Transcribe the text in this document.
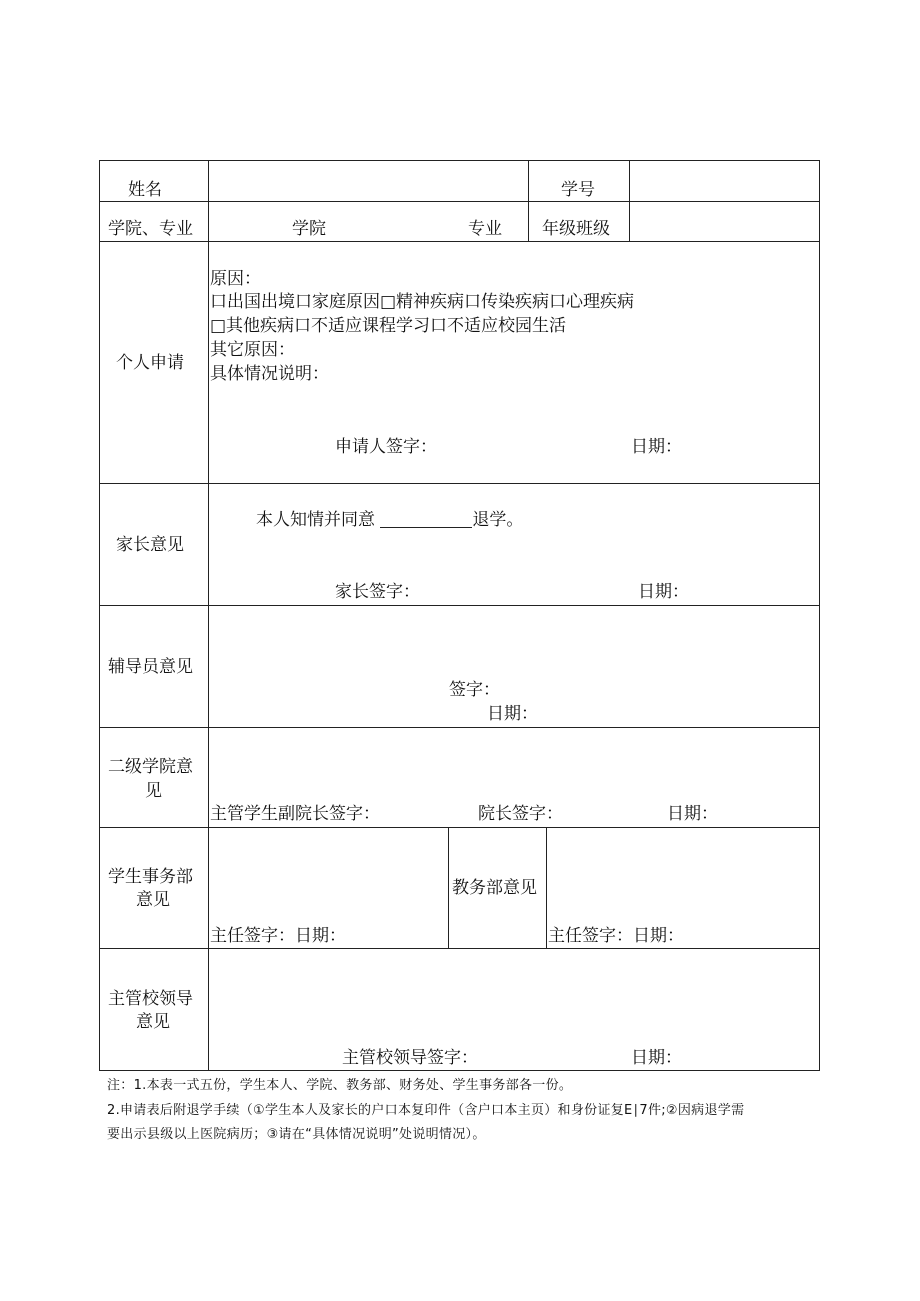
姓名	学号
学院、专业	学院	专业 年级班级
个人申请
原因：
口出国出境口家庭原因□精神疾病口传染疾病口心理疾病
□其他疾病口不适应课程学习口不适应校园生活
其它原因：
具体情况说明：
申请人签字：	日期：
家长意见
本人知情并同意	退学。
家长签字：	日期：
辅导员意见
签字：
日期：
二级学院意
见
主管学生副院长签字：	院长签字：	日期：
学生事务部
意见
主任签字：日期：
教务部意见
主任签字：日期：
主管校领导
意见
主管校领导签字：	日期：
注：1.本表一式五份，学生本人、学院、教务部、财务处、学生事务部各一份。
2.申请表后附退学手续（①学生本人及家长的户口本复印件（含户口本主页）和身份证复E∣7件;②因病退学需
要出示县级以上医院病历；③请在“具体情况说明”处说明情况）。
